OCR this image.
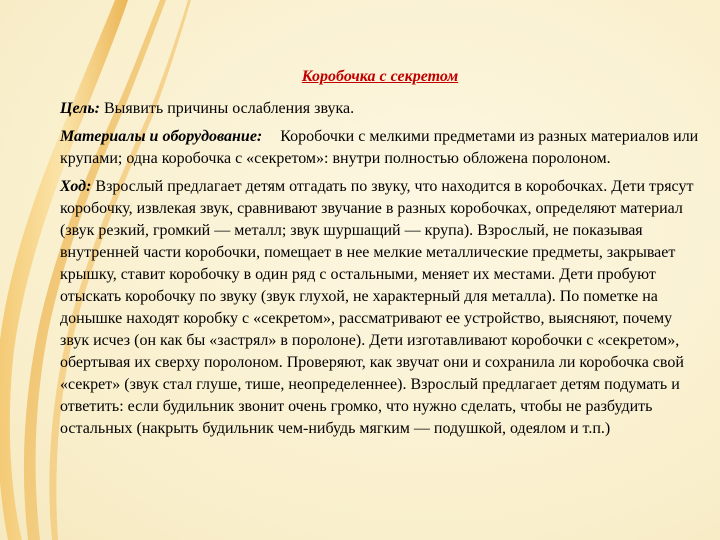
Коробочка с секретом

Цель: Выявить причины ослабления звука.

Материалы и оборудование: Коробочки с мелкими предметами из разных материалов или крупами; одна коробочка с «секретом»: внутри полностью обложена поролоном.

Ход: Взрослый предлагает детям отгадать по звуку, что находится в коробочках. Дети трясут коробочку, извлекая звук, сравнивают звучание в разных коробочках, определяют материал (звук резкий, громкий — металл; звук шуршащий — крупа). Взрослый, не показывая внутренней части коробочки, помещает в нее мелкие металлические предметы, закрывает крышку, ставит коробочку в один ряд с остальными, меняет их местами. Дети пробуют отыскать коробочку по звуку (звук глухой, не характерный для металла). По пометке на донышке находят коробку с «секретом», рассматривают ее устройство, выясняют, почему звук исчез (он как бы «застрял» в поролоне). Дети изготавливают коробочки с «секретом», обертывая их сверху поролоном. Проверяют, как звучат они и сохранила ли коробочка свой «секрет» (звук стал глуше, тише, неопределеннее). Взрослый предлагает детям подумать и ответить: если будильник звонит очень громко, что нужно сделать, чтобы не разбудить остальных (накрыть будильник чем-нибудь мягким — подушкой, одеялом и т.п.)
